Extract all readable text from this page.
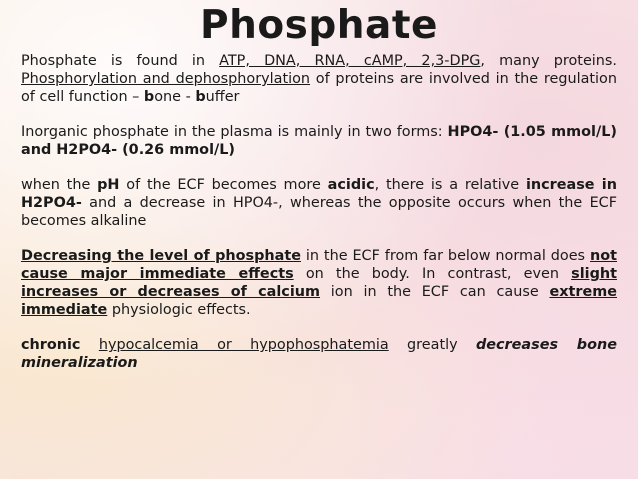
Phosphate

Phosphate is found in ATP, DNA, RNA, cAMP, 2,3-DPG, many proteins. Phosphorylation and dephosphorylation of proteins are involved in the regulation of cell function – bone - buffer

Inorganic phosphate in the plasma is mainly in two forms: HPO4- (1.05 mmol/L) and H2PO4- (0.26 mmol/L)

when the pH of the ECF becomes more acidic, there is a relative increase in H2PO4- and a decrease in HPO4-, whereas the opposite occurs when the ECF becomes alkaline

Decreasing the level of phosphate in the ECF from far below normal does not cause major immediate effects on the body. In contrast, even slight increases or decreases of calcium ion in the ECF can cause extreme immediate physiologic effects.

chronic hypocalcemia or hypophosphatemia greatly decreases bone mineralization
